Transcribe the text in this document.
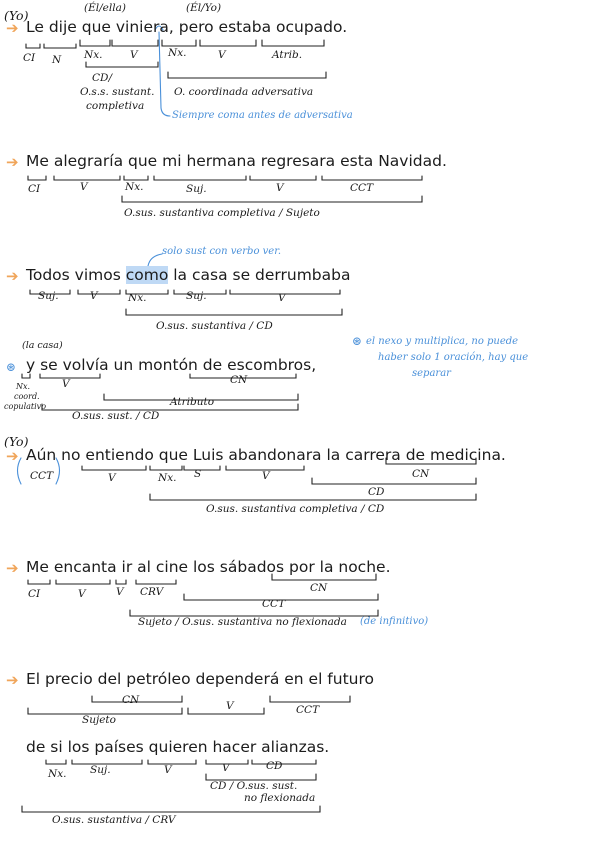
(Yo)	(Él/ella)	(Él/Yo)
➔ Le dije que viniera, pero estaba ocupado.
CI N Nx.	V	Nx.	V	Atrib.
CD/
O.s.s. sustant.
completiva
O. coordinada adversativa
Siempre coma antes de adversativa
➔ Me alegraría que mi hermana regresara esta Navidad.
CI	V	Nx.	Suj.	V	CCT
O.sus. sustantiva completiva / Sujeto
solo sust con verbo ver.
➔ Todos vimos como la casa se derrumbaba
Suj.	V	Nx.	Suj.	V
O.sus. sustantiva / CD
(la casa)
⊛ y se volvía un montón de escombros,
Nx.
coord.
copulativo
V	CN
Atributo
O.sus. sust. / CD
⊛ el nexo y multiplica, no puede
haber solo 1 oración, hay que
separar
(Yo)
➔ Aún no entiendo que Luis abandonara la carrera de medicina.
CCT	V	Nx. S	V	CN
CD
O.sus. sustantiva completiva / CD
➔ Me encanta ir al cine los sábados por la noche.
CI	V	V CRV	CN
CCT
Sujeto / O.sus. sustantiva no flexionada (de infinitivo)
➔ El precio del petróleo dependerá en el futuro
CN
Sujeto
V	CCT
de si los países quieren hacer alianzas.
Nx. Suj.	V	V	CD
CD / O.sus. sust.
no flexionada
O.sus. sustantiva / CRV
